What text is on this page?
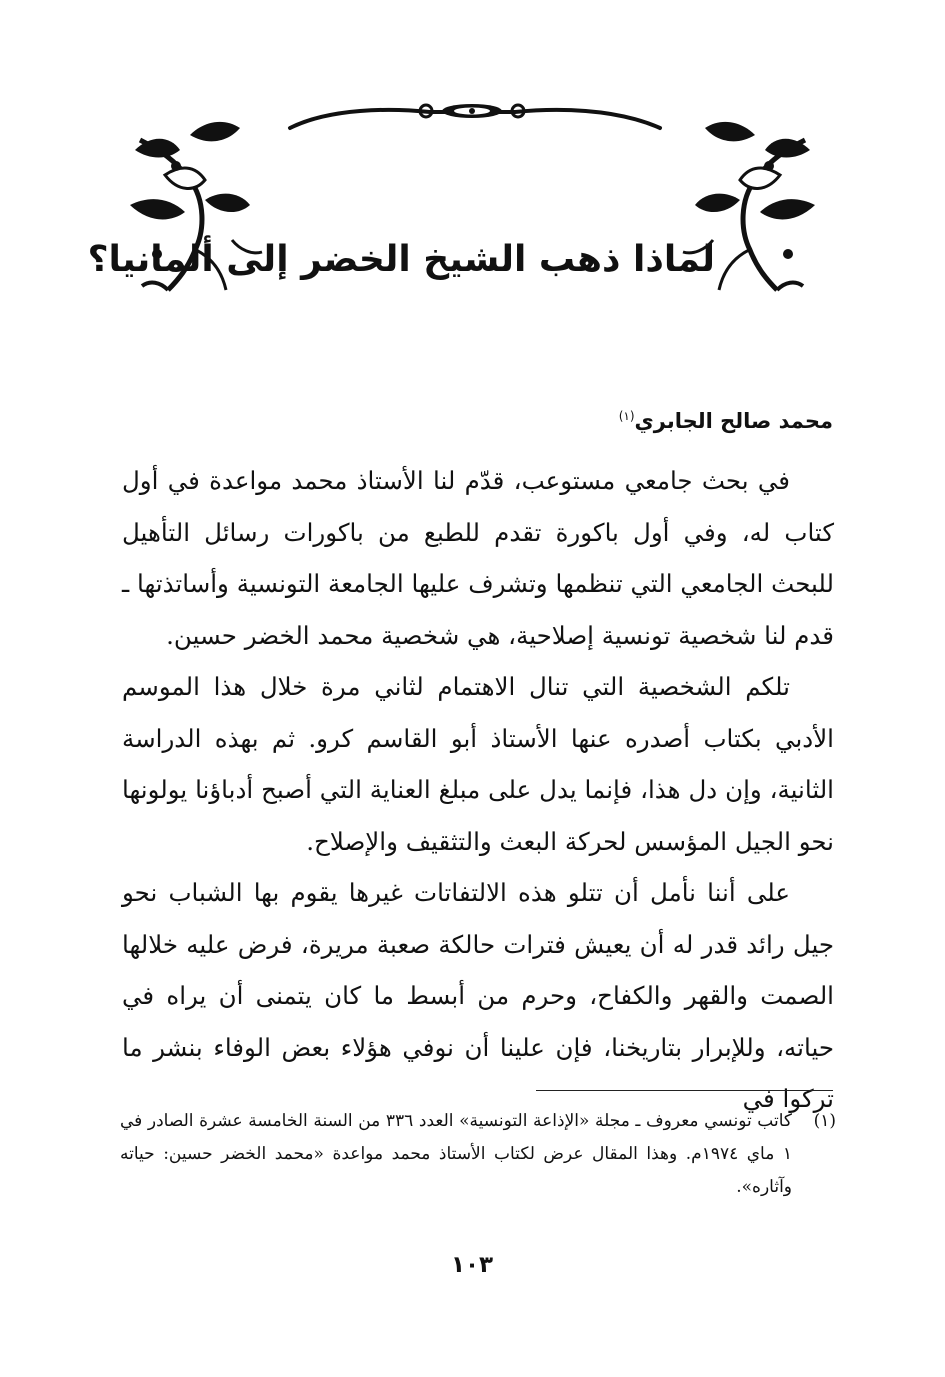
لماذا ذهب الشيخ الخضر إلى ألمانيا؟
محمد صالح الجابري$^{(١)}$

في بحث جامعي مستوعب، قدّم لنا الأستاذ محمد مواعدة في أول كتاب له، وفي أول باكورة تقدم للطبع من باكورات رسائل التأهيل للبحث الجامعي التي تنظمها وتشرف عليها الجامعة التونسية وأساتذتها ـ قدم لنا شخصية تونسية إصلاحية، هي شخصية محمد الخضر حسين.

تلكم الشخصية التي تنال الاهتمام لثاني مرة خلال هذا الموسم الأدبي بكتاب أصدره عنها الأستاذ أبو القاسم كرو. ثم بهذه الدراسة الثانية، وإن دل هذا، فإنما يدل على مبلغ العناية التي أصبح أدباؤنا يولونها نحو الجيل المؤسس لحركة البعث والتثقيف والإصلاح.

على أننا نأمل أن تتلو هذه الالتفاتات غيرها يقوم بها الشباب نحو جيل رائد قدر له أن يعيش فترات حالكة صعبة مريرة، فرض عليه خلالها الصمت والقهر والكفاح، وحرم من أبسط ما كان يتمنى أن يراه في حياته، وللإبرار بتاريخنا، فإن علينا أن نوفي هؤلاء بعض الوفاء بنشر ما تركوا في

(١)
كاتب تونسي معروف ـ مجلة «الإذاعة التونسية» العدد ٣٣٦ من السنة الخامسة عشرة الصادر في ١ ماي ١٩٧٤م. وهذا المقال عرض لكتاب الأستاذ محمد مواعدة «محمد الخضر حسين: حياته وآثاره».
١٠٣
